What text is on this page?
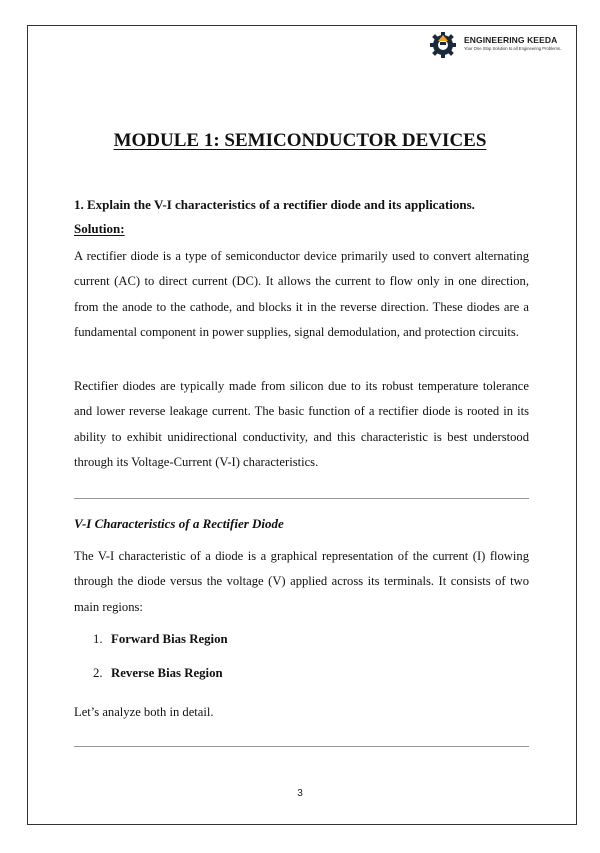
ENGINEERING KEEDA
Your One Stop Solution to all Engineering Problems..
MODULE 1: SEMICONDUCTOR DEVICES

1. Explain the V-I characteristics of a rectifier diode and its applications.

Solution:

A rectifier diode is a type of semiconductor device primarily used to convert alternating current (AC) to direct current (DC). It allows the current to flow only in one direction, from the anode to the cathode, and blocks it in the reverse direction. These diodes are a fundamental component in power supplies, signal demodulation, and protection circuits.

Rectifier diodes are typically made from silicon due to its robust temperature tolerance and lower reverse leakage current. The basic function of a rectifier diode is rooted in its ability to exhibit unidirectional conductivity, and this characteristic is best understood through its Voltage-Current (V-I) characteristics.

V-I Characteristics of a Rectifier Diode

The V-I characteristic of a diode is a graphical representation of the current (I) flowing through the diode versus the voltage (V) applied across its terminals. It consists of two main regions:

1. Forward Bias Region

2. Reverse Bias Region

Let’s analyze both in detail.

3
